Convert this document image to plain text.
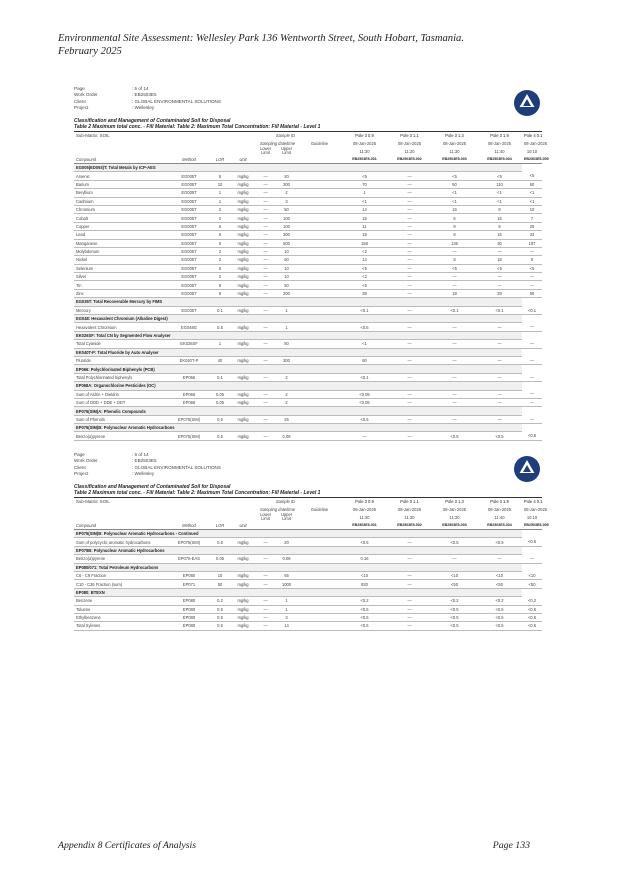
Environmental Site Assessment: Wellesley Park 136 Wentworth Street, South Hobart, Tasmania.
February 2025
Page	: 5 of 14
Work Order	: EB2503E5
Client	: GLOBAL ENVIRONMENTAL SOLUTIONS
Project	: Wellesley
Classification and Management of Contaminated Soil for Disposal
Table 2 Maximum total conc. - Fill Material: Table 2: Maximum Total Concentration: Fill Material - Level 1
Sub-Matrix: SOIL		Sample ID					Pole 3 0.9	Pole 3 1.1	Pole 3 1.3	Pole 3 1.9	Pole 4 0.1
		Sampling date/time				Guideline	08-Jan-2025	08-Jan-2025	08-Jan-2025	08-Jan-2025	08-Jan-2025
				Lower Limit	Upper Limit		11:30	11:30	11:30	11:40	10:10
Compound	Method	LOR	Unit				EB2503E5-001	EB2503E5-002	EB2503E5-003	EB2503E5-004	EB2503E5-005
EG005(ED093)T: Total Metals by ICP-AES											
Arsenic	EG005T	5	mg/kg	—	20		<5	—	<5	<5	<5
Barium	EG005T	10	mg/kg	—	300		70	—	50	110	60
Beryllium	EG005T	1	mg/kg	—	2		1	—	<1	<1	<1
Cadmium	EG005T	1	mg/kg	—	3		<1	—	<1	<1	<1
Chromium	EG005T	2	mg/kg	—	50		14	—	16	8	10
Cobalt	EG005T	2	mg/kg	—	100		18	—	6	16	7
Copper	EG005T	5	mg/kg	—	100		11	—	9	8	25
Lead	EG005T	5	mg/kg	—	300		18	—	8	16	33
Manganese	EG005T	5	mg/kg	—	500		158	—	136	30	197
Molybdenum	EG005T	2	mg/kg	—	10		<2	—	—	—	—
Nickel	EG005T	2	mg/kg	—	60		14	—	8	18	9
Selenium	EG005T	5	mg/kg	—	10		<5	—	<5	<5	<5
Silver	EG005T	2	mg/kg	—	10		<2	—	—	—	—
Tin	EG005T	5	mg/kg	—	50		<5	—	—	—	—
Zinc	EG005T	5	mg/kg	—	200		38	—	18	29	56
EG035T: Total Recoverable Mercury by FIMS											
Mercury	EG035T	0.1	mg/kg	—	1		<0.1	—	<0.1	<0.1	<0.1
EG048: Hexavalent Chromium (Alkaline Digest)											
Hexavalent Chromium	EG048G	0.5	mg/kg	—	1		<0.5	—	—	—	—
EK026SF: Total CN by Segmented Flow Analyser											
Total Cyanide	EK026SF	1	mg/kg	—	50		<1	—	—	—	—
EK040T-P: Total Fluoride by Auto Analyser											
Fluoride	EK040T-P	40	mg/kg	—	300		80	—	—	—	—
EP066: Polychlorinated Biphenyls (PCB)											
Total Polychlorinated biphenyls	EP066	0.1	mg/kg	—	2		<0.1	—	—	—	—
EP068A: Organochlorine Pesticides (OC)											
Sum of Aldrin + Dieldrin	EP068	0.05	mg/kg	—	2		<0.05	—	—	—	—
Sum of DDD + DDE + DDT	EP068	0.05	mg/kg	—	2		<0.05	—	—	—	—
EP075(SIM)A: Phenolic Compounds											
Sum of Phenols	EP075(SIM)	0.5	mg/kg	—	25		<0.5	—	—	—	—
EP075(SIM)B: Polynuclear Aromatic Hydrocarbons											
Benzo(a)pyrene	EP075(SIM)	0.5	mg/kg	—	0.08		—	—	<0.5	<0.5	<0.5
Page	: 6 of 14
Work Order	: EB2503E5
Client	: GLOBAL ENVIRONMENTAL SOLUTIONS
Project	: Wellesley
Classification and Management of Contaminated Soil for Disposal
Table 2 Maximum total conc. - Fill Material: Table 2: Maximum Total Concentration: Fill Material - Level 1
Sub-Matrix: SOIL		Sample ID					Pole 3 0.9	Pole 3 1.1	Pole 3 1.3	Pole 3 1.9	Pole 4 0.1
		Sampling date/time				Guideline	08-Jan-2025	08-Jan-2025	08-Jan-2025	08-Jan-2025	08-Jan-2025
				Lower Limit	Upper Limit		11:30	11:30	11:30	11:40	10:10
Compound	Method	LOR	Unit				EB2503E5-001	EB2503E5-002	EB2503E5-003	EB2503E5-004	EB2503E5-005
EP075(SIM)B: Polynuclear Aromatic Hydrocarbons - Continued											
Sum of polycyclic aromatic hydrocarbons	EP075(SIM)	0.5	mg/kg	—	20		<0.5	—	<0.5	<0.5	<0.5
EP075B: Polynuclear Aromatic Hydrocarbons											
Benzo(a)pyrene	EP075-EAS	0.05	mg/kg	—	0.08		0.16	—	—	—	—
EP080/071: Total Petroleum Hydrocarbons											
C6 - C9 Fraction	EP080	10	mg/kg	—	65		<10	—	<10	<10	<10
C10 - C36 Fraction (sum)	EP071	50	mg/kg	—	1000		820	—	<50	<50	<50
EP080: BTEXN											
Benzene	EP080	0.2	mg/kg	—	1		<0.2	—	<0.2	<0.2	<0.2
Toluene	EP080	0.5	mg/kg	—	1		<0.5	—	<0.5	<0.5	<0.5
Ethylbenzene	EP080	0.5	mg/kg	—	3		<0.5	—	<0.5	<0.5	<0.5
Total Xylenes	EP080	0.5	mg/kg	—	14		<0.5	—	<0.5	<0.5	<0.5
Appendix 8 Certificates of Analysis	Page 133
